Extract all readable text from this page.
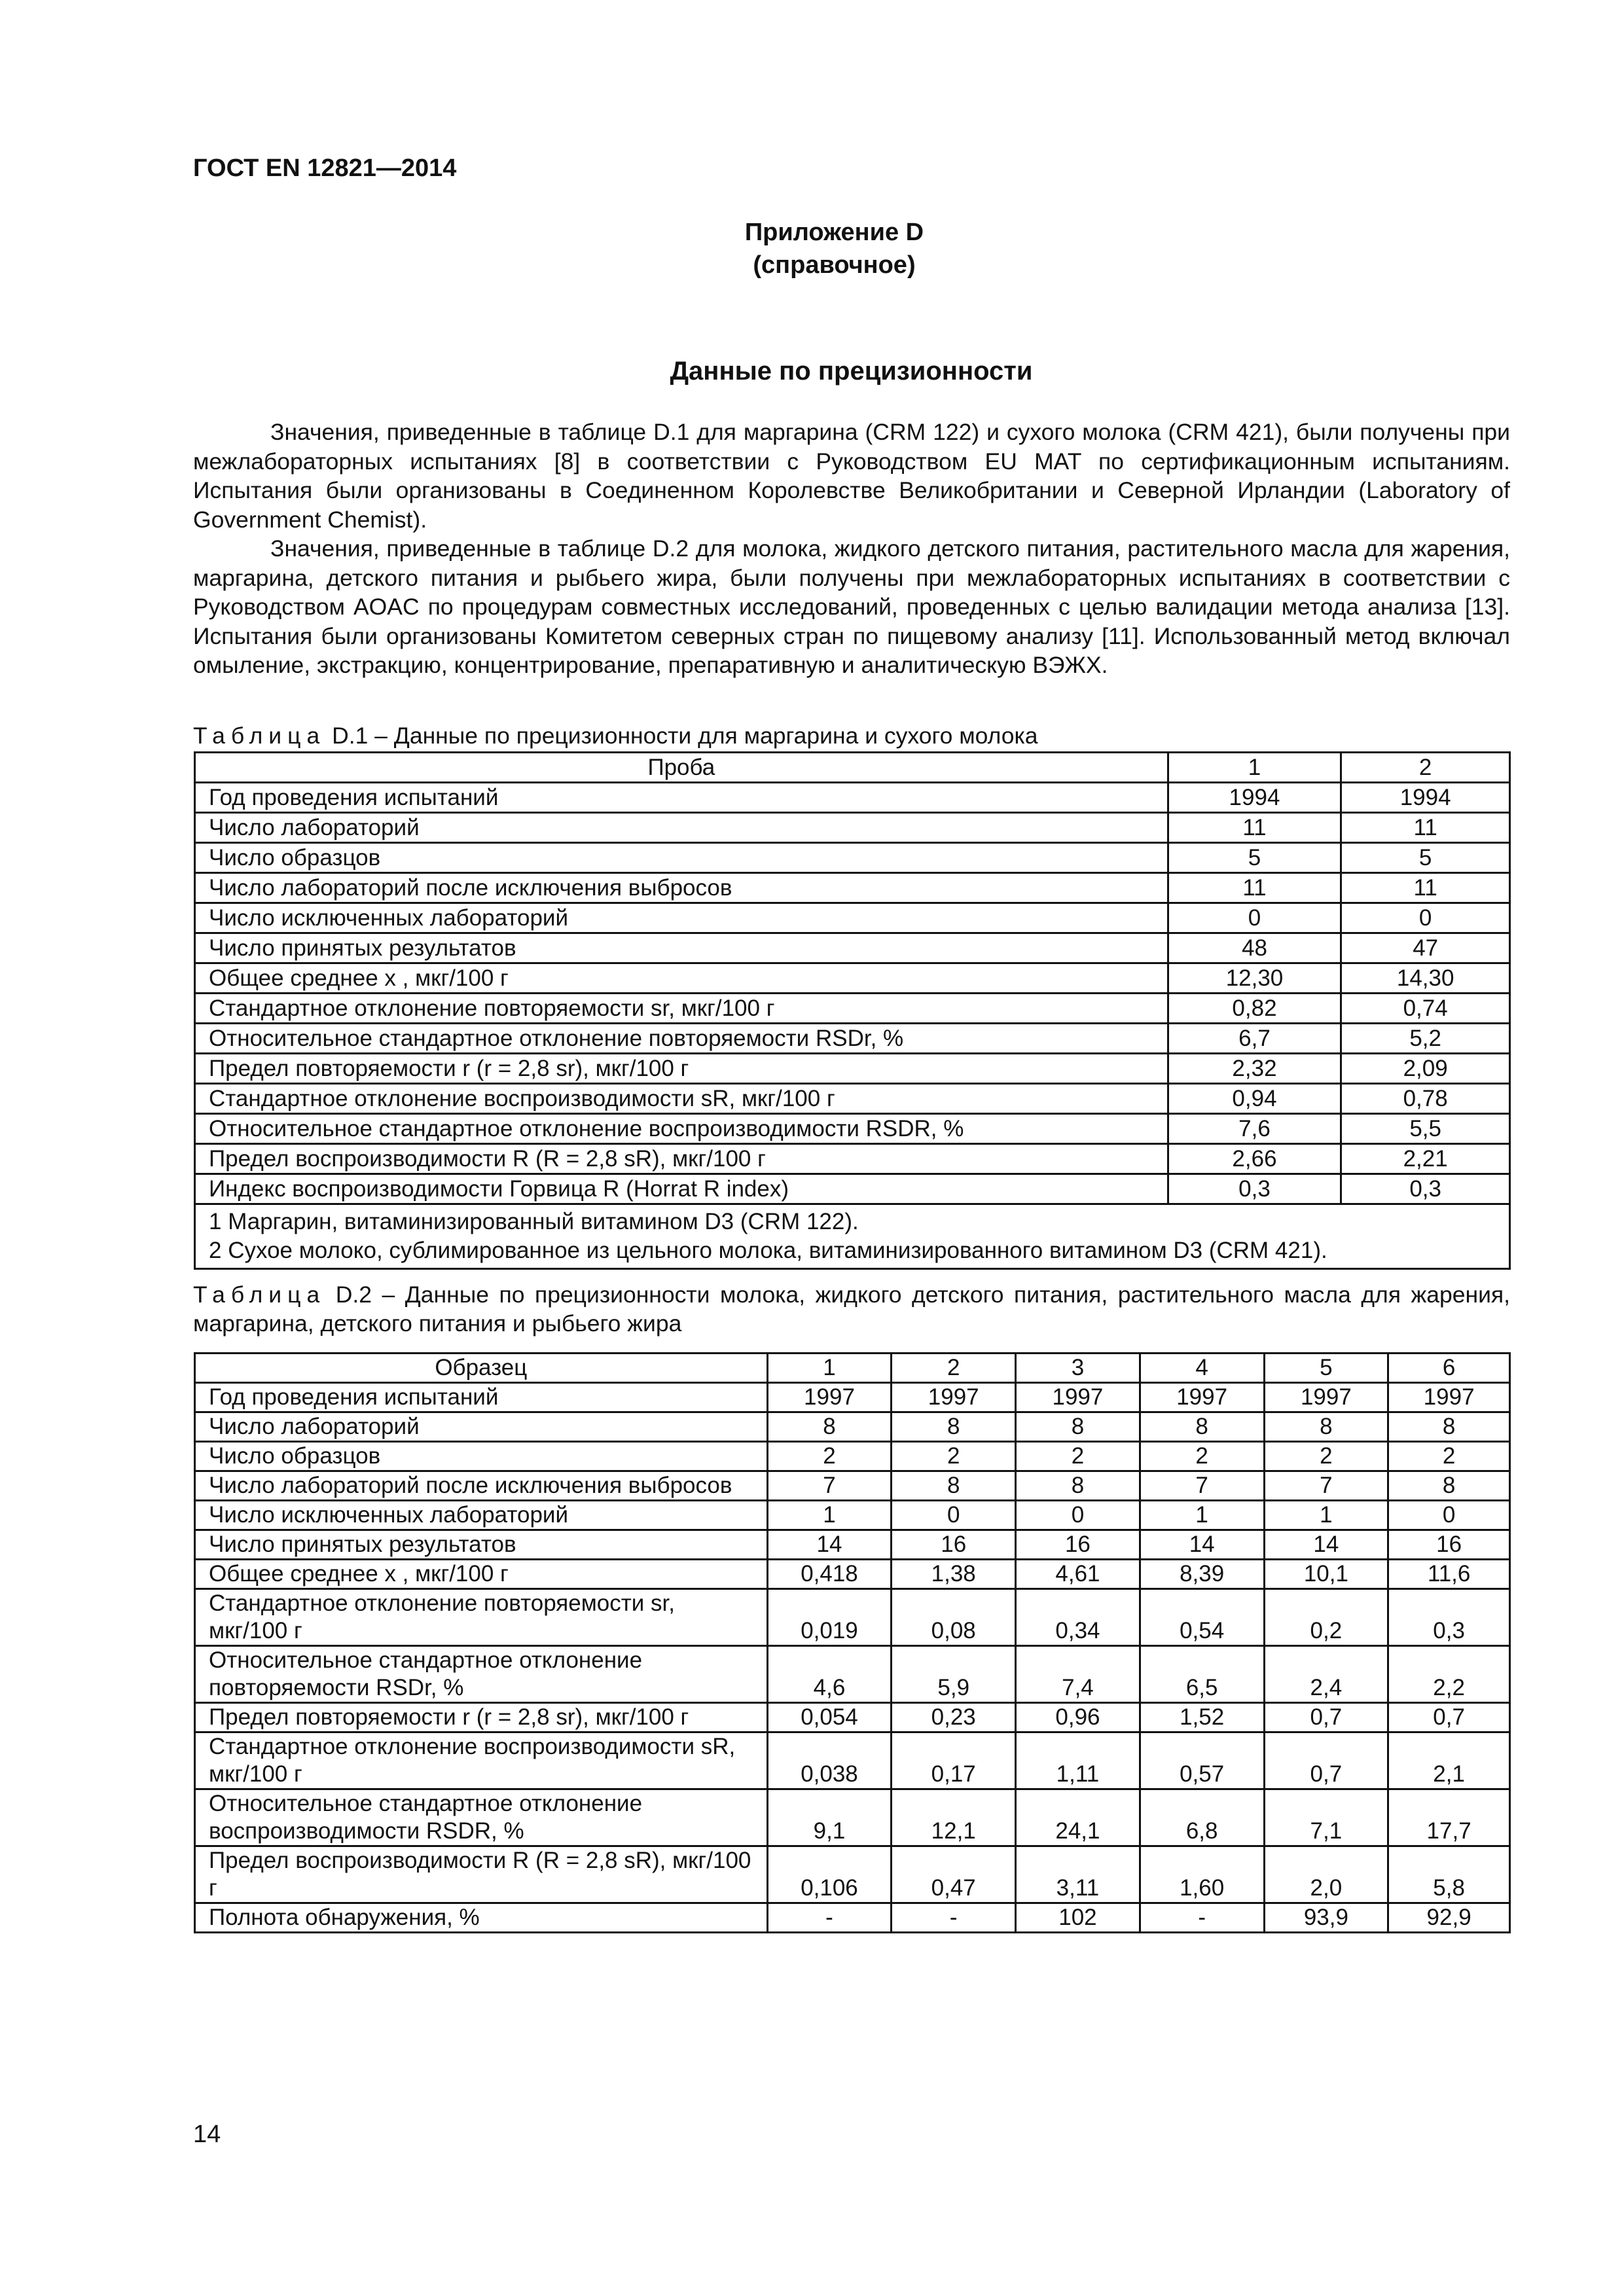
ГОСТ EN 12821—2014
Приложение D
(справочное)
Данные по прецизионности

Значения, приведенные в таблице D.1 для маргарина (CRM 122) и сухого молока (CRM 421), были получены при межлабораторных испытаниях [8] в соответствии с Руководством EU MAT по сертификационным испытаниям. Испытания были организованы в Соединенном Королевстве Великобритании и Северной Ирландии (Laboratory of Government Chemist).

Значения, приведенные в таблице D.2 для молока, жидкого детского питания, растительного масла для жарения, маргарина, детского питания и рыбьего жира, были получены при межлабораторных испытаниях в соответствии с Руководством AOAC по процедурам совместных исследований, проведенных с целью валидации метода анализа [13]. Испытания были организованы Комитетом северных стран по пищевому анализу [11]. Использованный метод включал омыление, экстракцию, концентрирование, препаративную и аналитическую ВЭЖХ.

Таблица D.1 – Данные по прецизионности для маргарина и сухого молока
Проба	1	2
Год проведения испытаний	1994	1994
Число лабораторий	11	11
Число образцов	5	5
Число лабораторий после исключения выбросов	11	11
Число исключенных лабораторий	0	0
Число принятых результатов	48	47
Общее среднее x , мкг/100 г	12,30	14,30
Стандартное отклонение повторяемости sr, мкг/100 г	0,82	0,74
Относительное стандартное отклонение повторяемости RSDr, %	6,7	5,2
Предел повторяемости r (r = 2,8 sr), мкг/100 г	2,32	2,09
Стандартное отклонение воспроизводимости sR, мкг/100 г	0,94	0,78
Относительное стандартное отклонение воспроизводимости RSDR, %	7,6	5,5
Предел воспроизводимости R (R = 2,8 sR), мкг/100 г	2,66	2,21
Индекс воспроизводимости Горвица R (Horrat R index)	0,3	0,3

1 Маргарин, витаминизированный витамином D3 (CRM 122).
2 Сухое молоко, сублимированное из цельного молока, витаминизированного витамином D3 (CRM 421).		
Таблица D.2 – Данные по прецизионности молока, жидкого детского питания, растительного масла для жарения, маргарина, детского питания и рыбьего жира
Образец	1	2	3	4	5	6
Год проведения испытаний	1997	1997	1997	1997	1997	1997
Число лабораторий	8	8	8	8	8	8
Число образцов	2	2	2	2	2	2
Число лабораторий после исключения выбросов	7	8	8	7	7	8
Число исключенных лабораторий	1	0	0	1	1	0
Число принятых результатов	14	16	16	14	14	16
Общее среднее x , мкг/100 г	0,418	1,38	4,61	8,39	10,1	11,6
Стандартное отклонение повторяемости sr, мкг/100 г	0,019	0,08	0,34	0,54	0,2	0,3
Относительное стандартное отклонение повторяемости RSDr, %	4,6	5,9	7,4	6,5	2,4	2,2
Предел повторяемости r (r = 2,8 sr), мкг/100 г	0,054	0,23	0,96	1,52	0,7	0,7
Стандартное отклонение воспроизводимости sR, мкг/100 г	0,038	0,17	1,11	0,57	0,7	2,1
Относительное стандартное отклонение воспроизводимости RSDR, %	9,1	12,1	24,1	6,8	7,1	17,7
Предел воспроизводимости R (R = 2,8 sR), мкг/100 г	0,106	0,47	3,11	1,60	2,0	5,8
Полнота обнаружения, %	-	-	102	-	93,9	92,9
14
